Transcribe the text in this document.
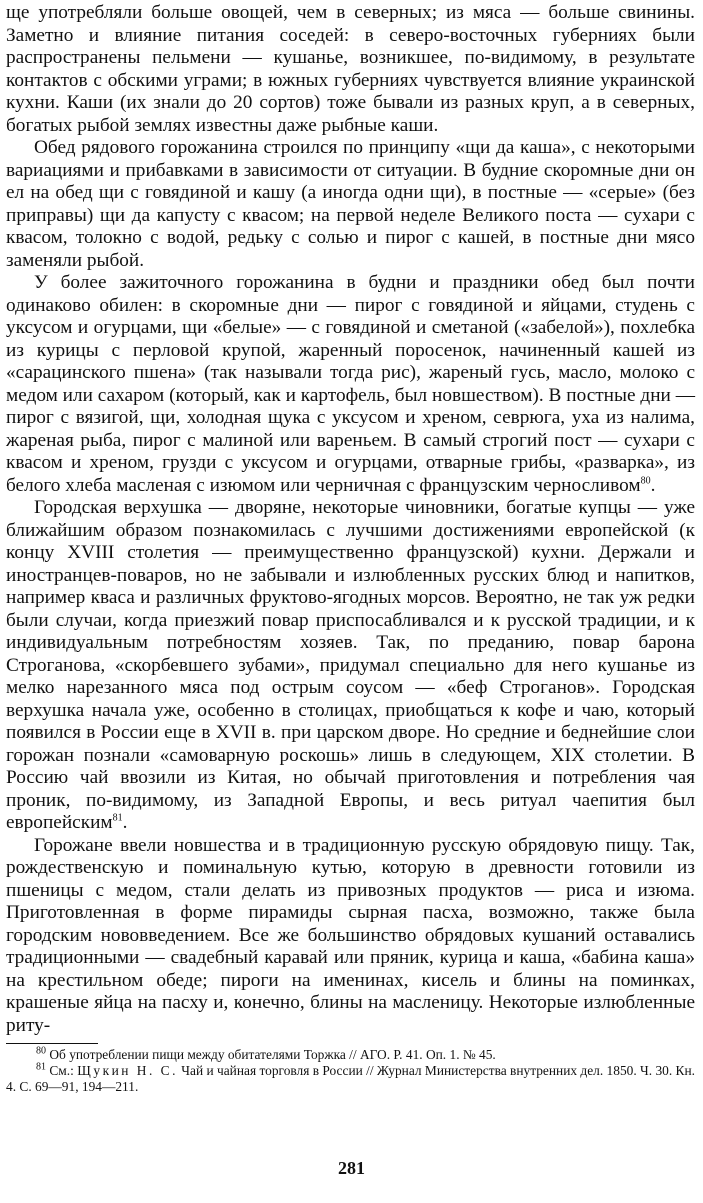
ще употребляли больше овощей, чем в северных; из мяса — больше свинины. Заметно и влияние питания соседей: в северо-восточных губерниях были распространены пельмени — кушанье, возникшее, по-видимому, в результате контактов с обскими уграми; в южных губерниях чувствуется влияние украинской кухни. Каши (их знали до 20 сортов) тоже бывали из разных круп, а в северных, богатых рыбой землях известны даже рыбные каши.

Обед рядового горожанина строился по принципу «щи да каша», с некоторыми вариациями и прибавками в зависимости от ситуации. В будние скоромные дни он ел на обед щи с говядиной и кашу (а иногда одни щи), в постные — «серые» (без приправы) щи да капусту с квасом; на первой неделе Великого поста — сухари с квасом, толокно с водой, редьку с солью и пирог с кашей, в постные дни мясо заменяли рыбой.

У более зажиточного горожанина в будни и праздники обед был почти одинаково обилен: в скоромные дни — пирог с говядиной и яйцами, студень с уксусом и огурцами, щи «белые» — с говядиной и сметаной («забелой»), похлебка из курицы с перловой крупой, жаренный поросенок, начиненный кашей из «сарацинского пшена» (так называли тогда рис), жареный гусь, масло, молоко с медом или сахаром (который, как и картофель, был новшеством). В постные дни — пирог с вязигой, щи, холодная щука с уксусом и хреном, севрюга, уха из налима, жареная рыба, пирог с малиной или вареньем. В самый строгий пост — сухари с квасом и хреном, грузди с уксусом и огурцами, отварные грибы, «разварка», из белого хлеба масленая с изюмом или черничная с французским черносливом$^{80}$.

Городская верхушка — дворяне, некоторые чиновники, богатые купцы — уже ближайшим образом познакомилась с лучшими достижениями европейской (к концу XVIII столетия — преимущественно французской) кухни. Держали и иностранцев-поваров, но не забывали и излюбленных русских блюд и напитков, например кваса и различных фруктово-ягодных морсов. Вероятно, не так уж редки были случаи, когда приезжий повар приспосабливался и к русской традиции, и к индивидуальным потребностям хозяев. Так, по преданию, повар барона Строганова, «скорбевшего зубами», придумал специально для него кушанье из мелко нарезанного мяса под острым соусом — «беф Строганов». Городская верхушка начала уже, особенно в столицах, приобщаться к кофе и чаю, который появился в России еще в XVII в. при царском дворе. Но средние и беднейшие слои горожан познали «самоварную роскошь» лишь в следующем, XIX столетии. В Россию чай ввозили из Китая, но обычай приготовления и потребления чая проник, по-видимому, из Западной Европы, и весь ритуал чаепития был европейским$^{81}$.

Горожане ввели новшества и в традиционную русскую обрядовую пищу. Так, рождественскую и поминальную кутью, которую в древности готовили из пшеницы с медом, стали делать из привозных продуктов — риса и изюма. Приготовленная в форме пирамиды сырная пасха, возможно, также была городским нововведением. Все же большинство обрядовых кушаний оставались традиционными — свадебный каравай или пряник, курица и каша, «бабина каша» на крестильном обеде; пироги на именинах, кисель и блины на поминках, крашеные яйца на пасху и, конечно, блины на масленицу. Некоторые излюбленные риту-

$^{80}$ Об употреблении пищи между обитателями Торжка // АГО. Р. 41. Оп. 1. № 45.

$^{81}$ См.: Щукин Н. С. Чай и чайная торговля в России // Журнал Министерства внутренних дел. 1850. Ч. 30. Кн. 4. С. 69—91, 194—211.

281
